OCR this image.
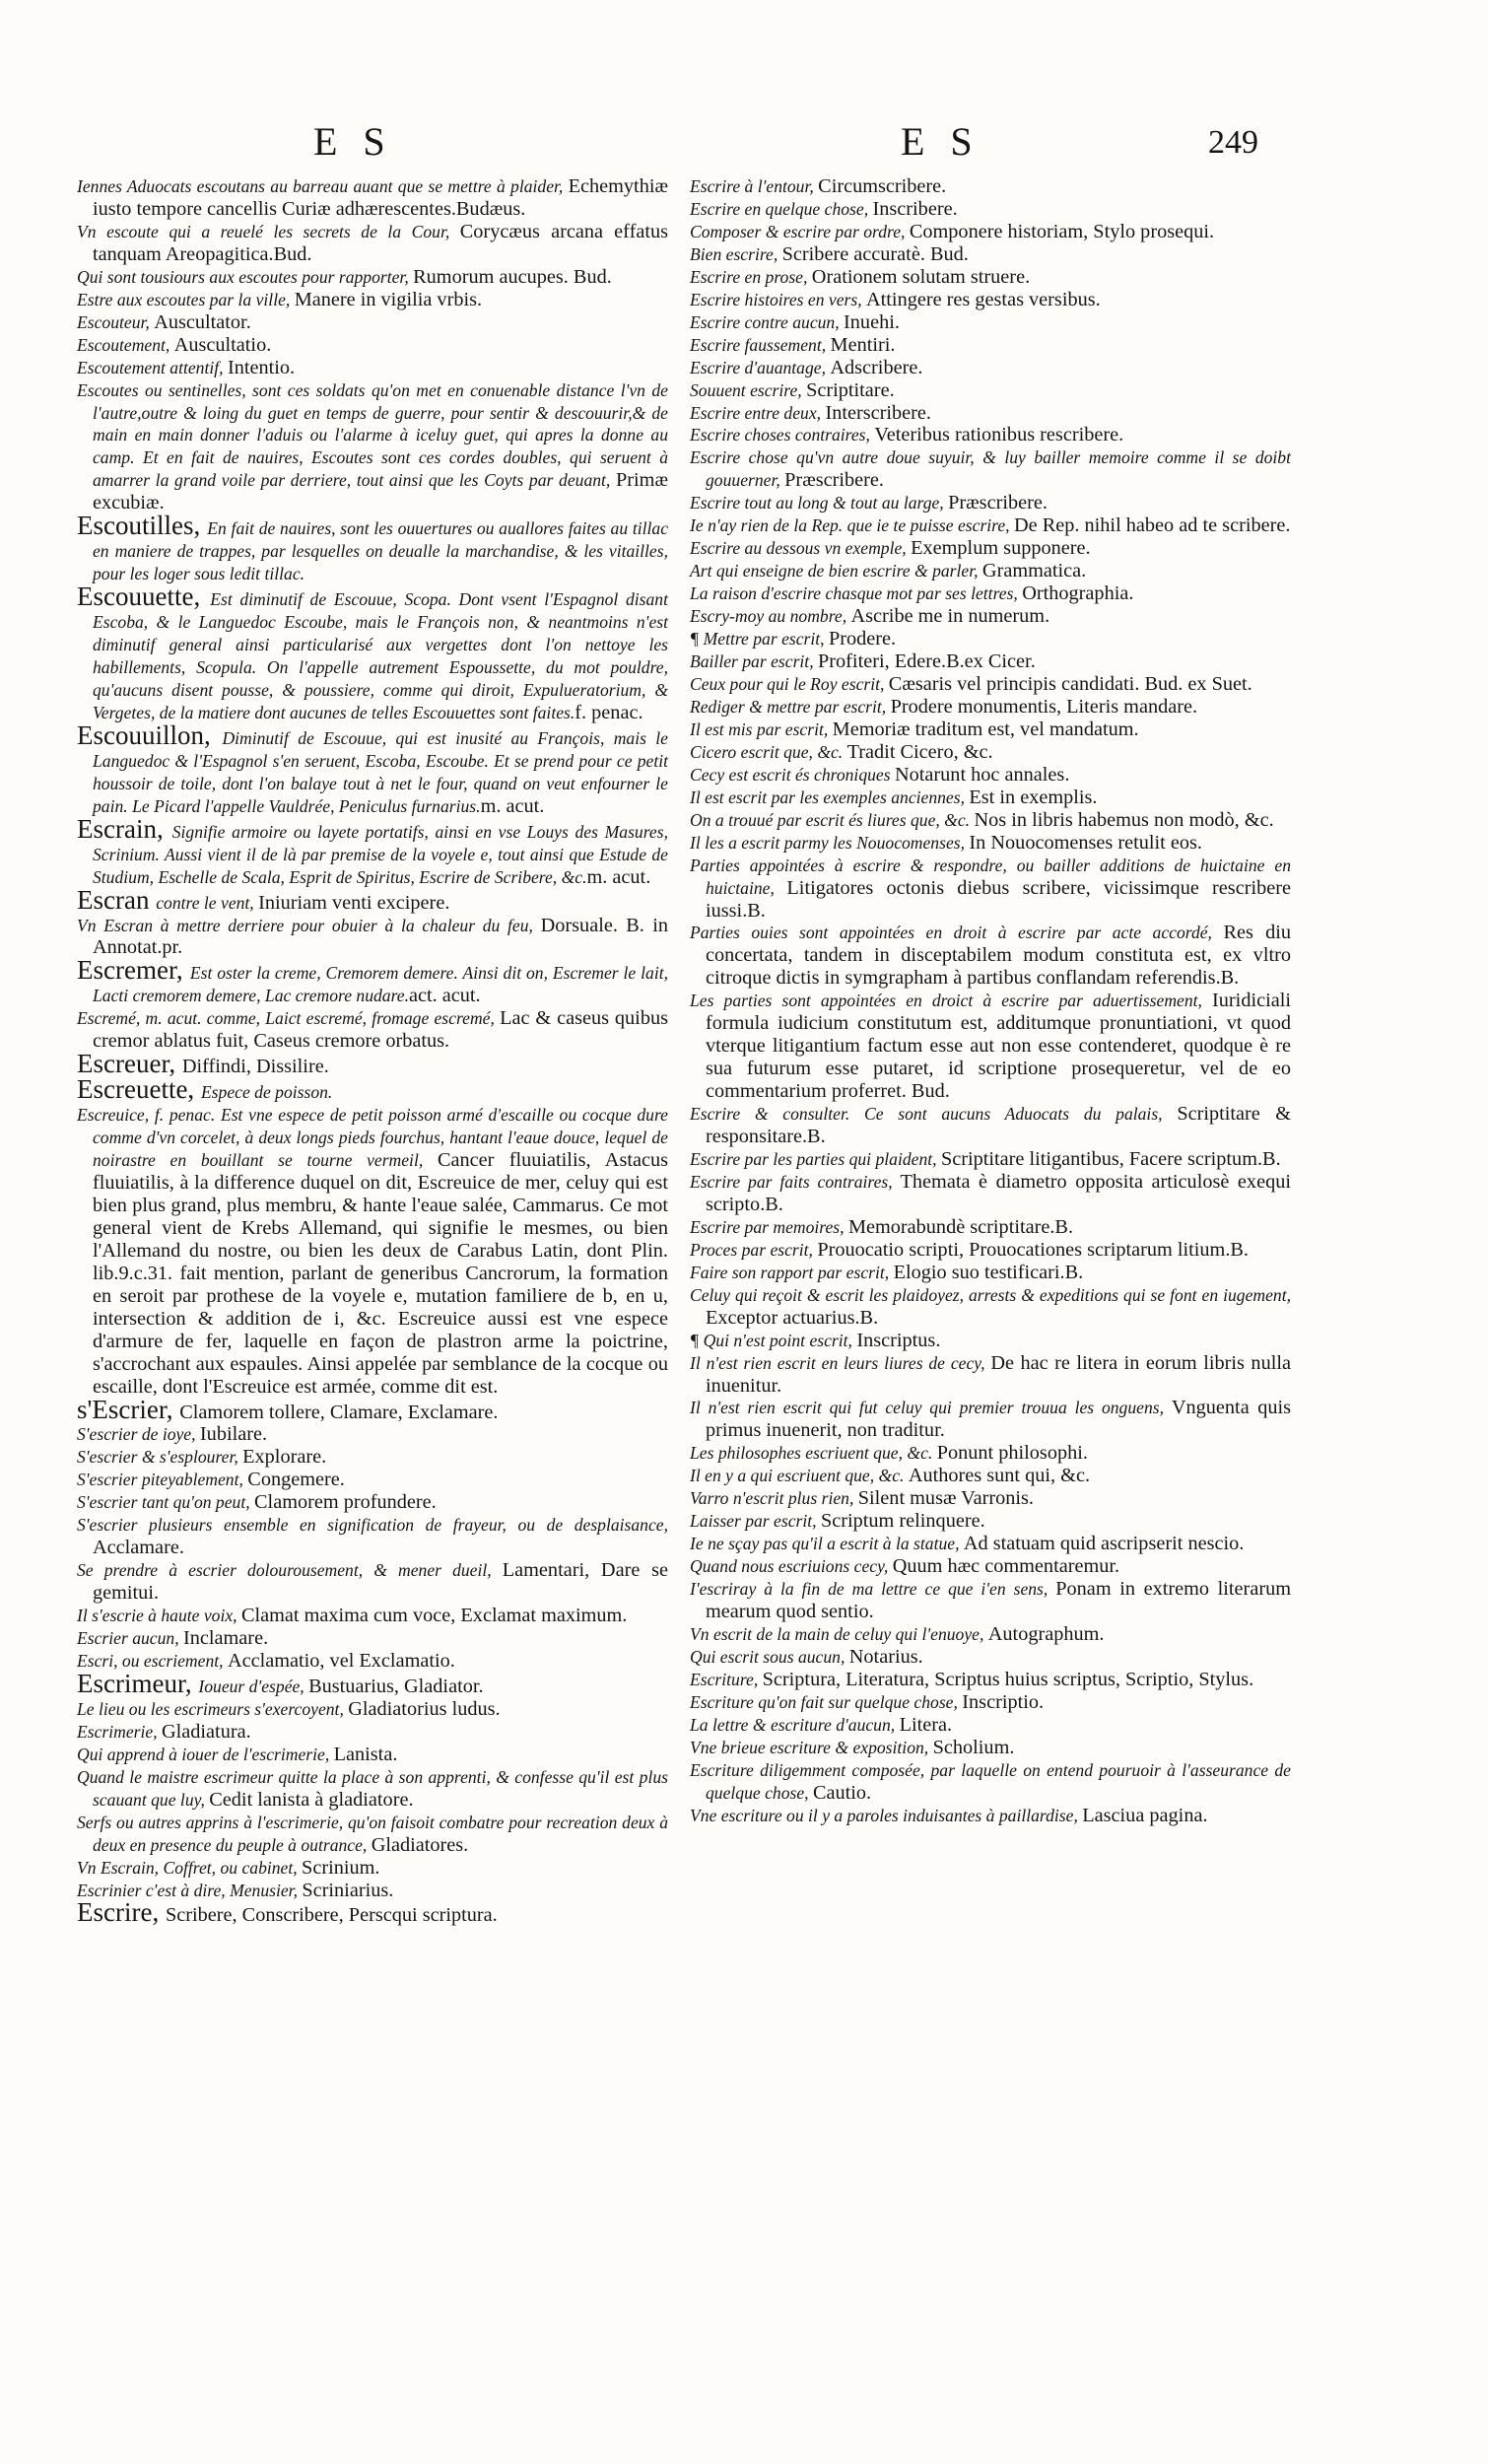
E S	E S	249

Iennes Aduocats escoutans au barreau auant que se mettre à plaider, Echemythiæ iusto tempore cancellis Curiæ adhærescentes.Budæus.

Vn escoute qui a reuelé les secrets de la Cour, Corycæus arcana effatus tanquam Areopagitica.Bud.

Qui sont tousiours aux escoutes pour rapporter, Rumorum aucupes. Bud.

Estre aux escoutes par la ville, Manere in vigilia vrbis.

Escouteur, Auscultator.

Escoutement, Auscultatio.

Escoutement attentif, Intentio.

Escoutes ou sentinelles, sont ces soldats qu'on met en conuenable distance l'vn de l'autre,outre & loing du guet en temps de guerre, pour sentir & descouurir,& de main en main donner l'aduis ou l'alarme à iceluy guet, qui apres la donne au camp. Et en fait de nauires, Escoutes sont ces cordes doubles, qui seruent à amarrer la grand voile par derriere, tout ainsi que les Coyts par deuant, Primæ excubiæ.

Escoutilles, En fait de nauires, sont les ouuertures ou auallores faites au tillac en maniere de trappes, par lesquelles on deualle la marchandise, & les vitailles, pour les loger sous ledit tillac.

Escouuette, Est diminutif de Escouue, Scopa. Dont vsent l'Espagnol disant Escoba, & le Languedoc Escoube, mais le François non, & neantmoins n'est diminutif general ainsi particularisé aux vergettes dont l'on nettoye les habillements, Scopula. On l'appelle autrement Espoussette, du mot pouldre, qu'aucuns disent pousse, & poussiere, comme qui diroit, Expulueratorium, & Vergetes, de la matiere dont aucunes de telles Escouuettes sont faites.f. penac.

Escouuillon, Diminutif de Escouue, qui est inusité au François, mais le Languedoc & l'Espagnol s'en seruent, Escoba, Escoube. Et se prend pour ce petit houssoir de toile, dont l'on balaye tout à net le four, quand on veut enfourner le pain. Le Picard l'appelle Vauldrée, Peniculus furnarius.m. acut.

Escrain, Signifie armoire ou layete portatifs, ainsi en vse Louys des Masures, Scrinium. Aussi vient il de là par premise de la voyele e, tout ainsi que Estude de Studium, Eschelle de Scala, Esprit de Spiritus, Escrire de Scribere, &c.m. acut.

Escran contre le vent, Iniuriam venti excipere.

Vn Escran à mettre derriere pour obuier à la chaleur du feu, Dorsuale. B. in Annotat.pr.

Escremer, Est oster la creme, Cremorem demere. Ainsi dit on, Escremer le lait, Lacti cremorem demere, Lac cremore nudare.act. acut.

Escremé, m. acut. comme, Laict escremé, fromage escremé, Lac & caseus quibus cremor ablatus fuit, Caseus cremore orbatus.

Escreuer, Diffindi, Dissilire.

Escreuette, Espece de poisson.

Escreuice, f. penac. Est vne espece de petit poisson armé d'escaille ou cocque dure comme d'vn corcelet, à deux longs pieds fourchus, hantant l'eaue douce, lequel de noirastre en bouillant se tourne vermeil, Cancer fluuiatilis, Astacus fluuiatilis, à la difference duquel on dit, Escreuice de mer, celuy qui est bien plus grand, plus membru, & hante l'eaue salée, Cammarus. Ce mot general vient de Krebs Allemand, qui signifie le mesmes, ou bien l'Allemand du nostre, ou bien les deux de Carabus Latin, dont Plin. lib.9.c.31. fait mention, parlant de generibus Cancrorum, la formation en seroit par prothese de la voyele e, mutation familiere de b, en u, intersection & addition de i, &c. Escreuice aussi est vne espece d'armure de fer, laquelle en façon de plastron arme la poictrine, s'accrochant aux espaules. Ainsi appelée par semblance de la cocque ou escaille, dont l'Escreuice est armée, comme dit est.

s'Escrier, Clamorem tollere, Clamare, Exclamare.

S'escrier de ioye, Iubilare.

S'escrier & s'esplourer, Explorare.

S'escrier piteyablement, Congemere.

S'escrier tant qu'on peut, Clamorem profundere.

S'escrier plusieurs ensemble en signification de frayeur, ou de desplaisance, Acclamare.

Se prendre à escrier dolourousement, & mener dueil, Lamentari, Dare se gemitui.

Il s'escrie à haute voix, Clamat maxima cum voce, Exclamat maximum.

Escrier aucun, Inclamare.

Escri, ou escriement, Acclamatio, vel Exclamatio.

Escrimeur, Ioueur d'espée, Bustuarius, Gladiator.

Le lieu ou les escrimeurs s'exercoyent, Gladiatorius ludus.

Escrimerie, Gladiatura.

Qui apprend à iouer de l'escrimerie, Lanista.

Quand le maistre escrimeur quitte la place à son apprenti, & confesse qu'il est plus scauant que luy, Cedit lanista à gladiatore.

Serfs ou autres apprins à l'escrimerie, qu'on faisoit combatre pour recreation deux à deux en presence du peuple à outrance, Gladiatores.

Vn Escrain, Coffret, ou cabinet, Scrinium.

Escrinier c'est à dire, Menusier, Scriniarius.

Escrire, Scribere, Conscribere, Perscqui scriptura.

Escrire à l'entour, Circumscribere.

Escrire en quelque chose, Inscribere.

Composer & escrire par ordre, Componere historiam, Stylo prosequi.

Bien escrire, Scribere accuratè. Bud.

Escrire en prose, Orationem solutam struere.

Escrire histoires en vers, Attingere res gestas versibus.

Escrire contre aucun, Inuehi.

Escrire faussement, Mentiri.

Escrire d'auantage, Adscribere.

Souuent escrire, Scriptitare.

Escrire entre deux, Interscribere.

Escrire choses contraires, Veteribus rationibus rescribere.

Escrire chose qu'vn autre doue suyuir, & luy bailler memoire comme il se doibt gouuerner, Præscribere.

Escrire tout au long & tout au large, Præscribere.

Ie n'ay rien de la Rep. que ie te puisse escrire, De Rep. nihil habeo ad te scribere.

Escrire au dessous vn exemple, Exemplum supponere.

Art qui enseigne de bien escrire & parler, Grammatica.

La raison d'escrire chasque mot par ses lettres, Orthographia.

Escry-moy au nombre, Ascribe me in numerum.

¶ Mettre par escrit, Prodere.

Bailler par escrit, Profiteri, Edere.B.ex Cicer.

Ceux pour qui le Roy escrit, Cæsaris vel principis candidati. Bud. ex Suet.

Rediger & mettre par escrit, Prodere monumentis, Literis mandare.

Il est mis par escrit, Memoriæ traditum est, vel mandatum.

Cicero escrit que, &c. Tradit Cicero, &c.

Cecy est escrit és chroniques Notarunt hoc annales.

Il est escrit par les exemples anciennes, Est in exemplis.

On a trouué par escrit és liures que, &c. Nos in libris habemus non modò, &c.

Il les a escrit parmy les Nouocomenses, In Nouocomenses retulit eos.

Parties appointées à escrire & respondre, ou bailler additions de huictaine en huictaine, Litigatores octonis diebus scribere, vicissimque rescribere iussi.B.

Parties ouies sont appointées en droit à escrire par acte accordé, Res diu concertata, tandem in disceptabilem modum constituta est, ex vltro citroque dictis in symgrapham à partibus conflandam referendis.B.

Les parties sont appointées en droict à escrire par aduertissement, Iuridiciali formula iudicium constitutum est, additumque pronuntiationi, vt quod vterque litigantium factum esse aut non esse contenderet, quodque è re sua futurum esse putaret, id scriptione prosequeretur, vel de eo commentarium proferret. Bud.

Escrire & consulter. Ce sont aucuns Aduocats du palais, Scriptitare & responsitare.B.

Escrire par les parties qui plaident, Scriptitare litigantibus, Facere scriptum.B.

Escrire par faits contraires, Themata è diametro opposita articulosè exequi scripto.B.

Escrire par memoires, Memorabundè scriptitare.B.

Proces par escrit, Prouocatio scripti, Prouocationes scriptarum litium.B.

Faire son rapport par escrit, Elogio suo testificari.B.

Celuy qui reçoit & escrit les plaidoyez, arrests & expeditions qui se font en iugement, Exceptor actuarius.B.

¶ Qui n'est point escrit, Inscriptus.

Il n'est rien escrit en leurs liures de cecy, De hac re litera in eorum libris nulla inuenitur.

Il n'est rien escrit qui fut celuy qui premier trouua les onguens, Vnguenta quis primus inuenerit, non traditur.

Les philosophes escriuent que, &c. Ponunt philosophi.

Il en y a qui escriuent que, &c. Authores sunt qui, &c.

Varro n'escrit plus rien, Silent musæ Varronis.

Laisser par escrit, Scriptum relinquere.

Ie ne sçay pas qu'il a escrit à la statue, Ad statuam quid ascripserit nescio.

Quand nous escriuions cecy, Quum hæc commentaremur.

I'escriray à la fin de ma lettre ce que i'en sens, Ponam in extremo literarum mearum quod sentio.

Vn escrit de la main de celuy qui l'enuoye, Autographum.

Qui escrit sous aucun, Notarius.

Escriture, Scriptura, Literatura, Scriptus huius scriptus, Scriptio, Stylus.

Escriture qu'on fait sur quelque chose, Inscriptio.

La lettre & escriture d'aucun, Litera.

Vne brieue escriture & exposition, Scholium.

Escriture diligemment composée, par laquelle on entend pouruoir à l'asseurance de quelque chose, Cautio.

Vne escriture ou il y a paroles induisantes à paillardise, Lasciua pagina.
